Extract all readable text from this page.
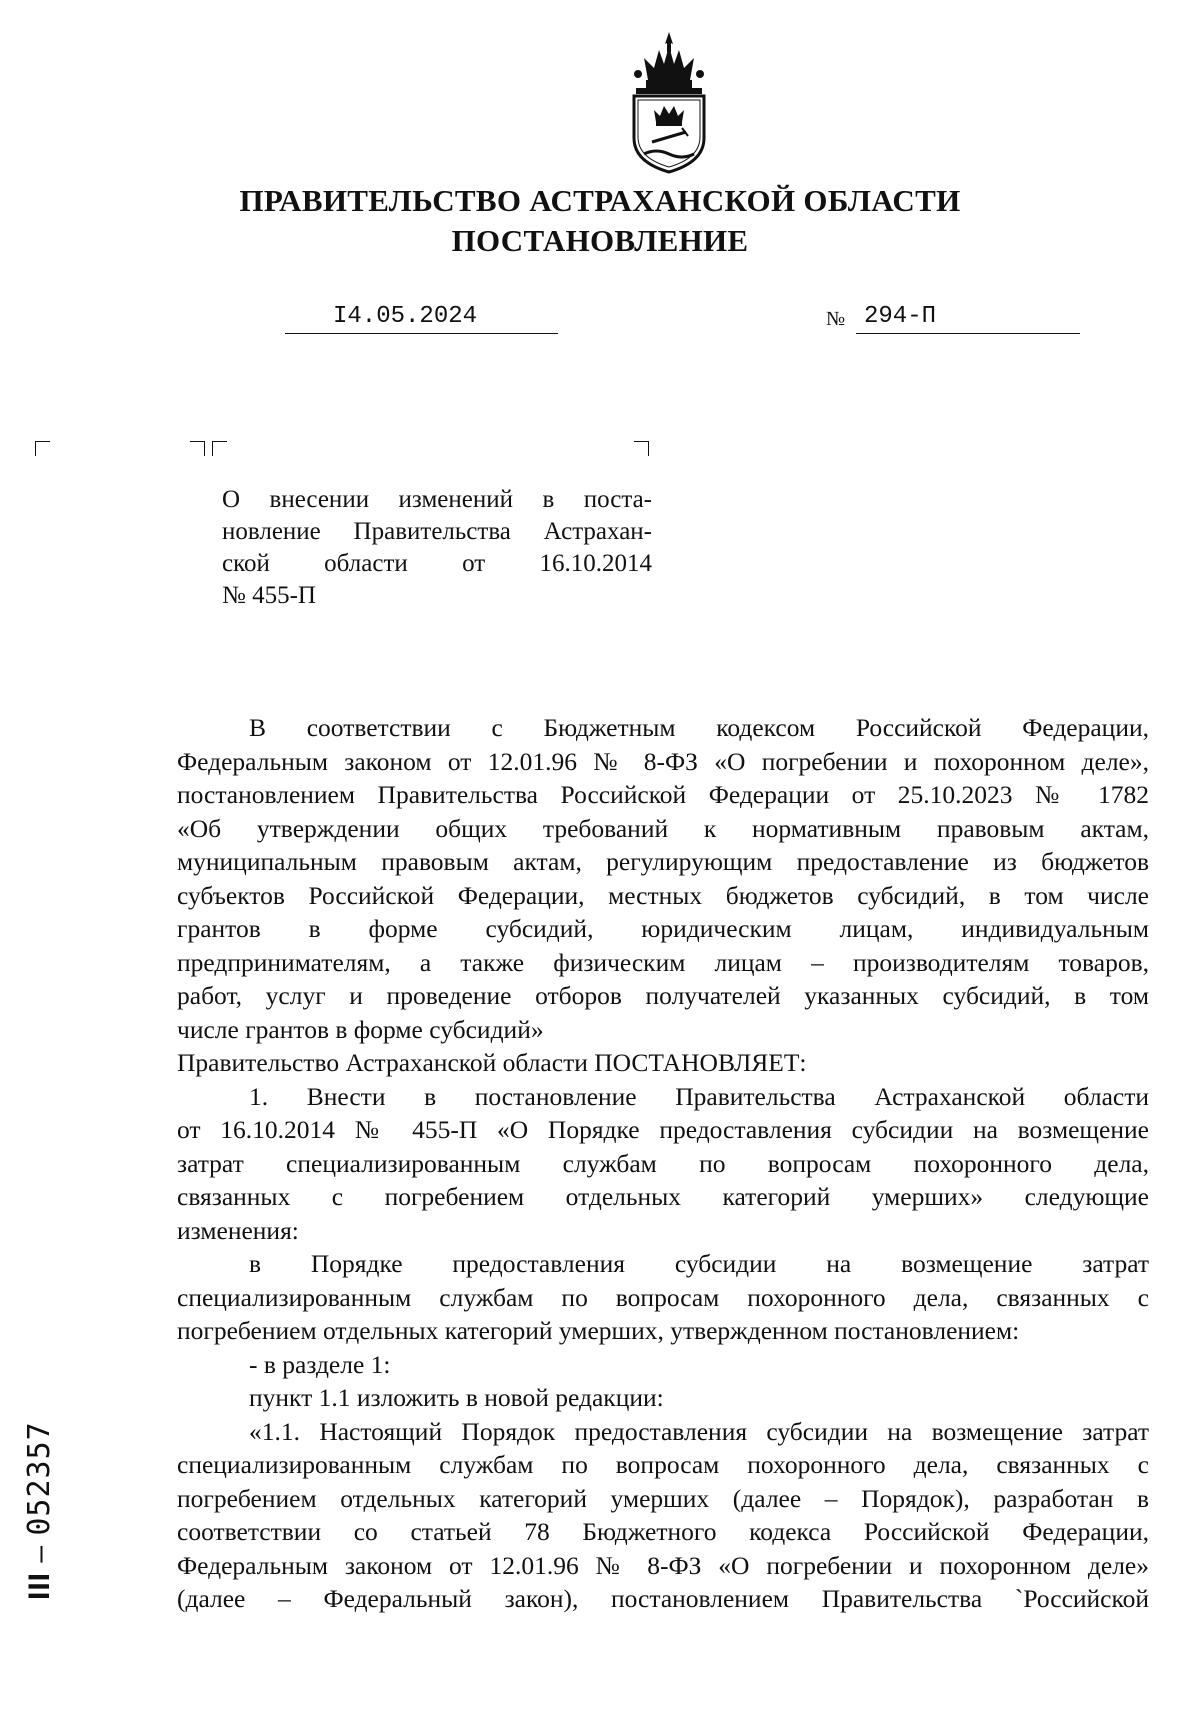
ПРАВИТЕЛЬСТВО АСТРАХАНСКОЙ ОБЛАСТИ
ПОСТАНОВЛЕНИЕ
I4.05.2024	№ 294-П
О внесении изменений в поста-
новление Правительства Астрахан-
ской области от 16.10.2014
№ 455-П
В соответствии с Бюджетным кодексом Российской Федерации,
Федеральным законом от 12.01.96 № 8-ФЗ «О погребении и похоронном деле»,
постановлением Правительства Российской Федерации от 25.10.2023 № 1782
«Об утверждении общих требований к нормативным правовым актам,
муниципальным правовым актам, регулирующим предоставление из бюджетов
субъектов Российской Федерации, местных бюджетов субсидий, в том числе
грантов в форме субсидий, юридическим лицам, индивидуальным
предпринимателям, а также физическим лицам – производителям товаров,
работ, услуг и проведение отборов получателей указанных субсидий, в том
числе грантов в форме субсидий»
Правительство Астраханской области ПОСТАНОВЛЯЕТ:
1. Внести в постановление Правительства Астраханской области
от 16.10.2014 № 455-П «О Порядке предоставления субсидии на возмещение
затрат специализированным службам по вопросам похоронного дела,
связанных с погребением отдельных категорий умерших» следующие
изменения:
в Порядке предоставления субсидии на возмещение затрат
специализированным службам по вопросам похоронного дела, связанных с
погребением отдельных категорий умерших, утвержденном постановлением:
- в разделе 1:
пункт 1.1 изложить в новой редакции:
«1.1. Настоящий Порядок предоставления субсидии на возмещение затрат
специализированным службам по вопросам похоронного дела, связанных с
погребением отдельных категорий умерших (далее – Порядок), разработан в
соответствии со статьей 78 Бюджетного кодекса Российской Федерации,
Федеральным законом от 12.01.96 № 8-ФЗ «О погребении и похоронном деле»
(далее – Федеральный закон), постановлением Правительства `Российской
III – 052357
